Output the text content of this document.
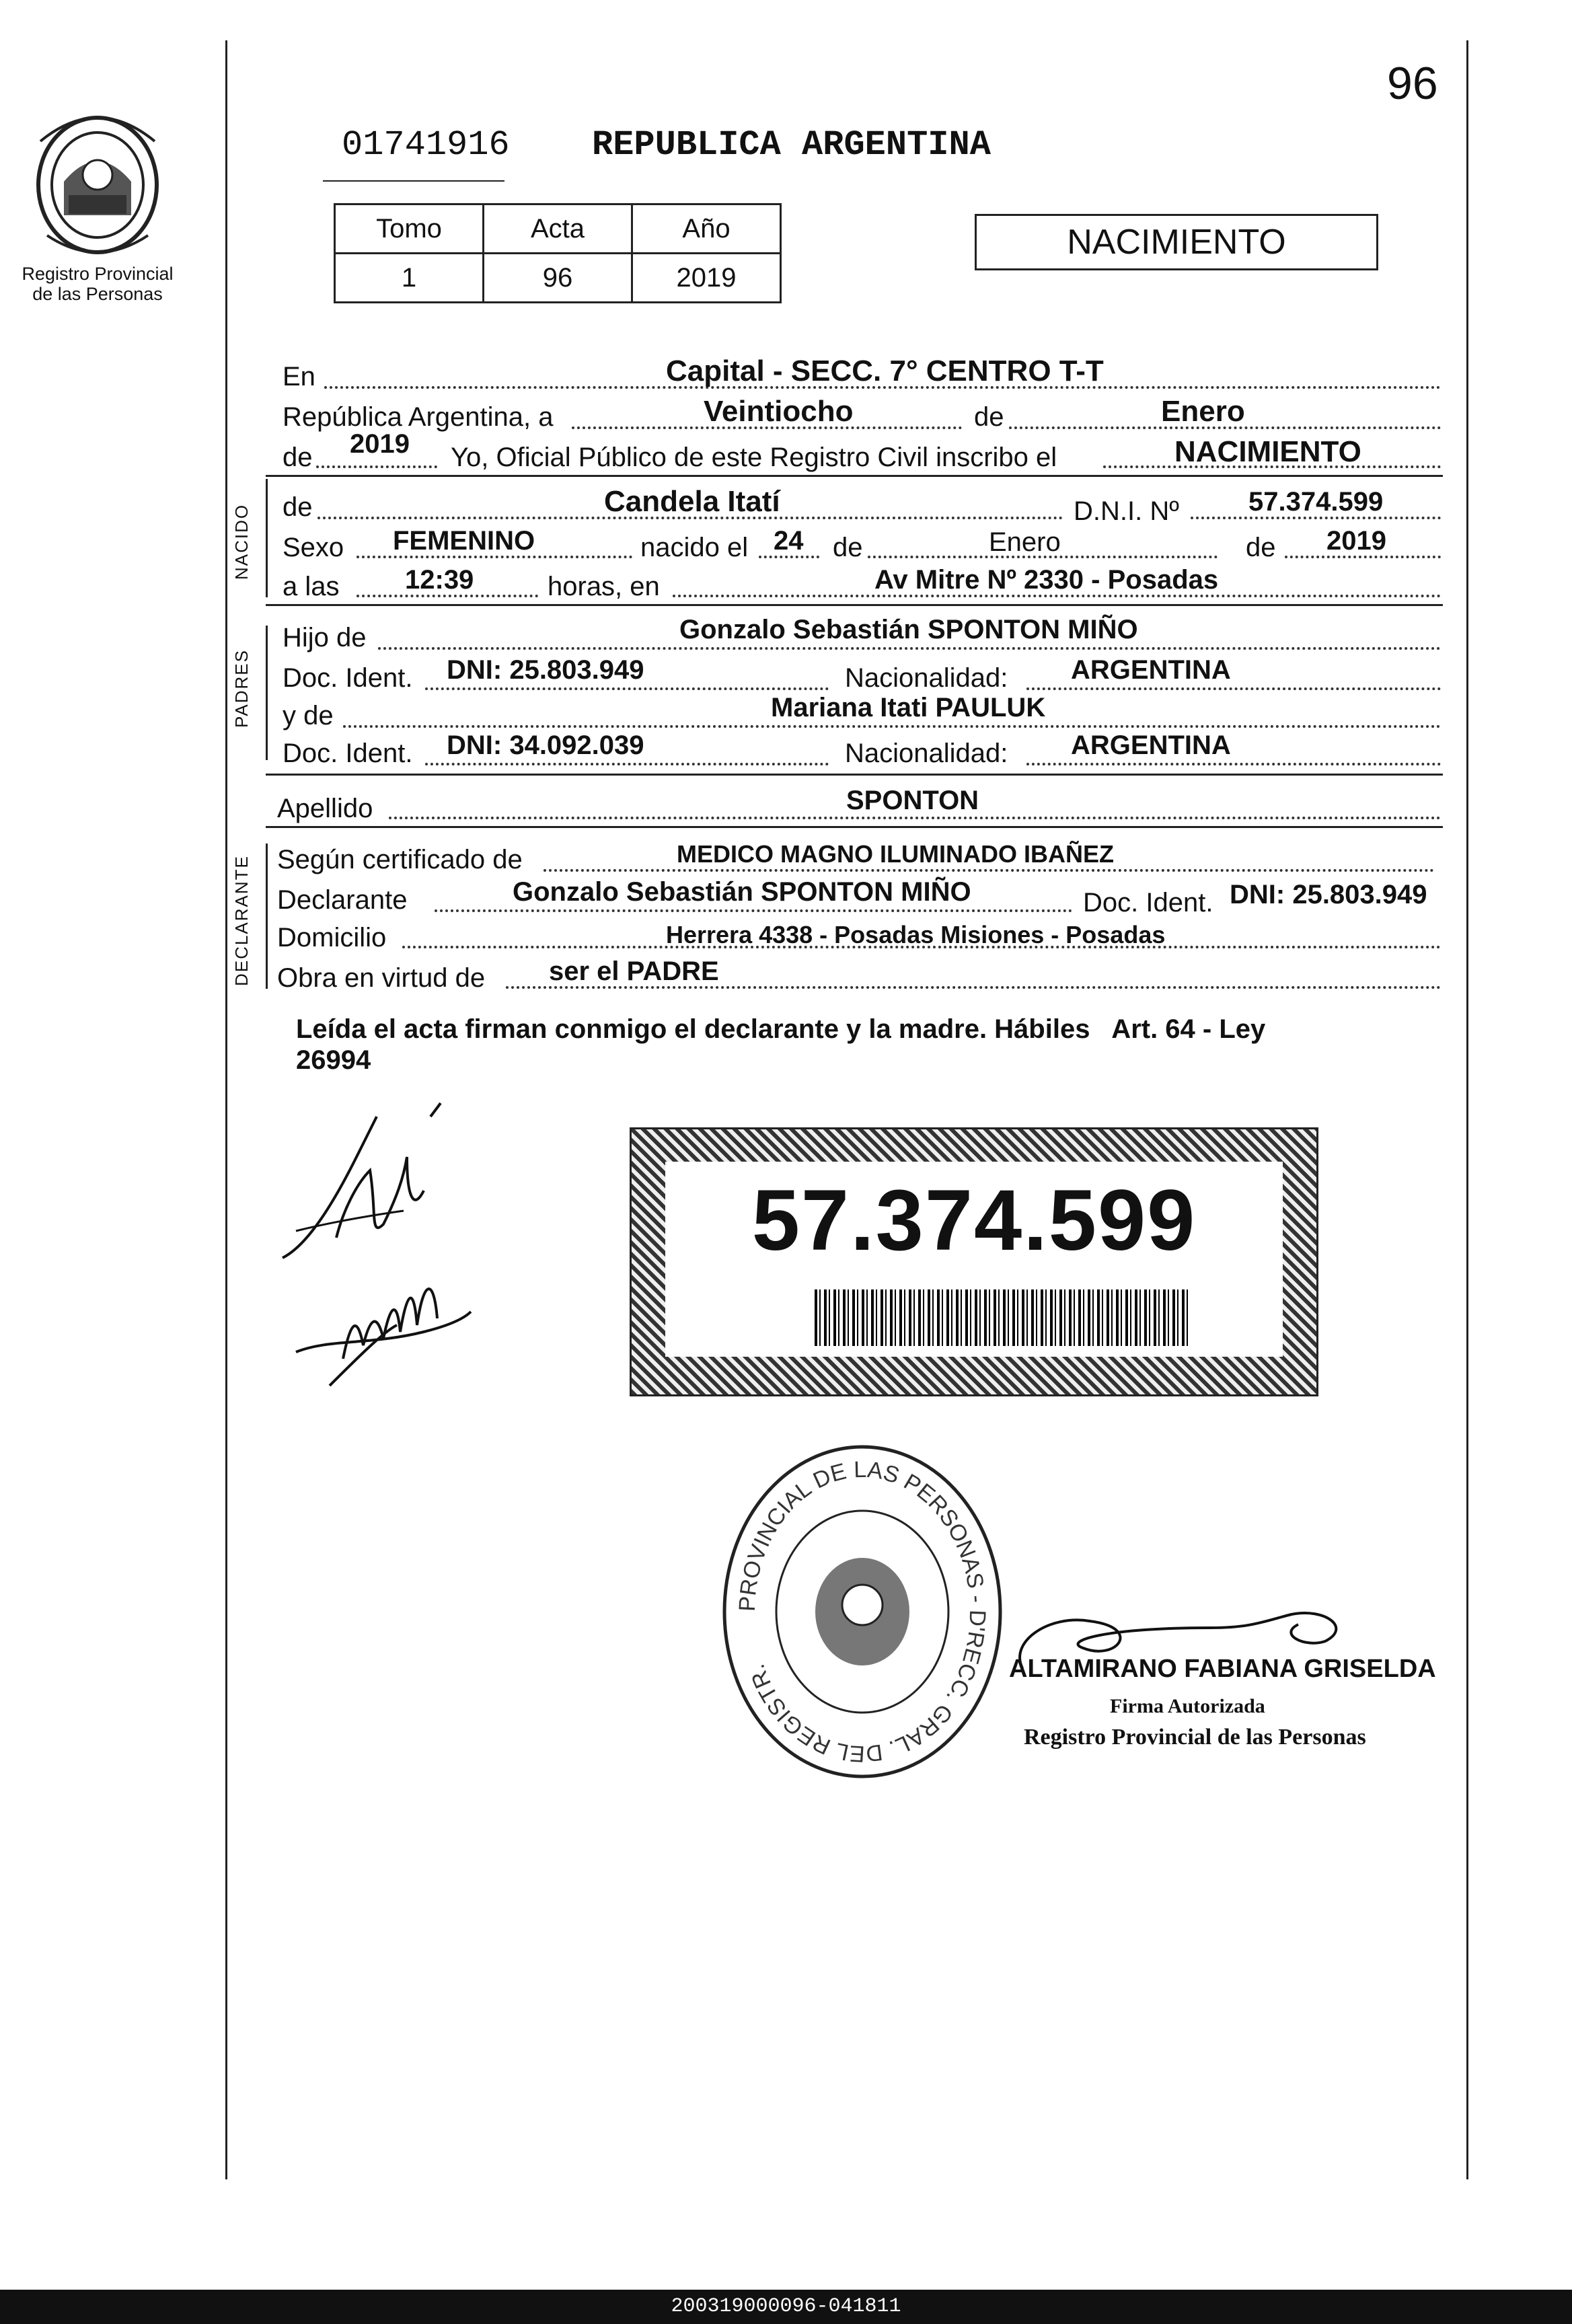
96
Registro Provincial
de las Personas
01741916 REPUBLICA ARGENTINA
Tomo	Acta	Año
1	96	2019
NACIMIENTO
En	Capital - SECC. 7° CENTRO T-T
República Argentina, a	Veintiocho	de	Enero
de 2019 Yo, Oficial Público de este Registro Civil inscribo el	NACIMIENTO
NACIDO de	Candela Itatí	D.N.I. Nº	57.374.599
Sexo FEMENINO	nacido el 24 de	Enero	de 2019
a las 12:39	horas, en	Av Mitre Nº 2330 - Posadas
PADRES
Hijo de	Gonzalo Sebastián SPONTON MIÑO
Doc. Ident. DNI: 25.803.949	Nacionalidad: ARGENTINA
y de	Mariana Itati PAULUK
Doc. Ident. DNI: 34.092.039	Nacionalidad: ARGENTINA
Apellido	SPONTON
DECLARANTE Según certificado de	MEDICO MAGNO ILUMINADO IBAÑEZ
Declarante	Gonzalo Sebastián SPONTON MIÑO	Doc. Ident. DNI: 25.803.949
Domicilio	Herrera 4338 - Posadas Misiones - Posadas
Obra en virtud de ser el PADRE
Leída el acta firman conmigo el declarante y la madre. Hábiles   Art. 64 - Ley
26994
57.374.599
PROVINCIAL DE LAS PERSONAS - D'RECC. GRAL. DEL REGISTR.	ALTAMIRANO FABIANA GRISELDA
Firma Autorizada
Registro Provincial de las Personas
200319000096-041811
